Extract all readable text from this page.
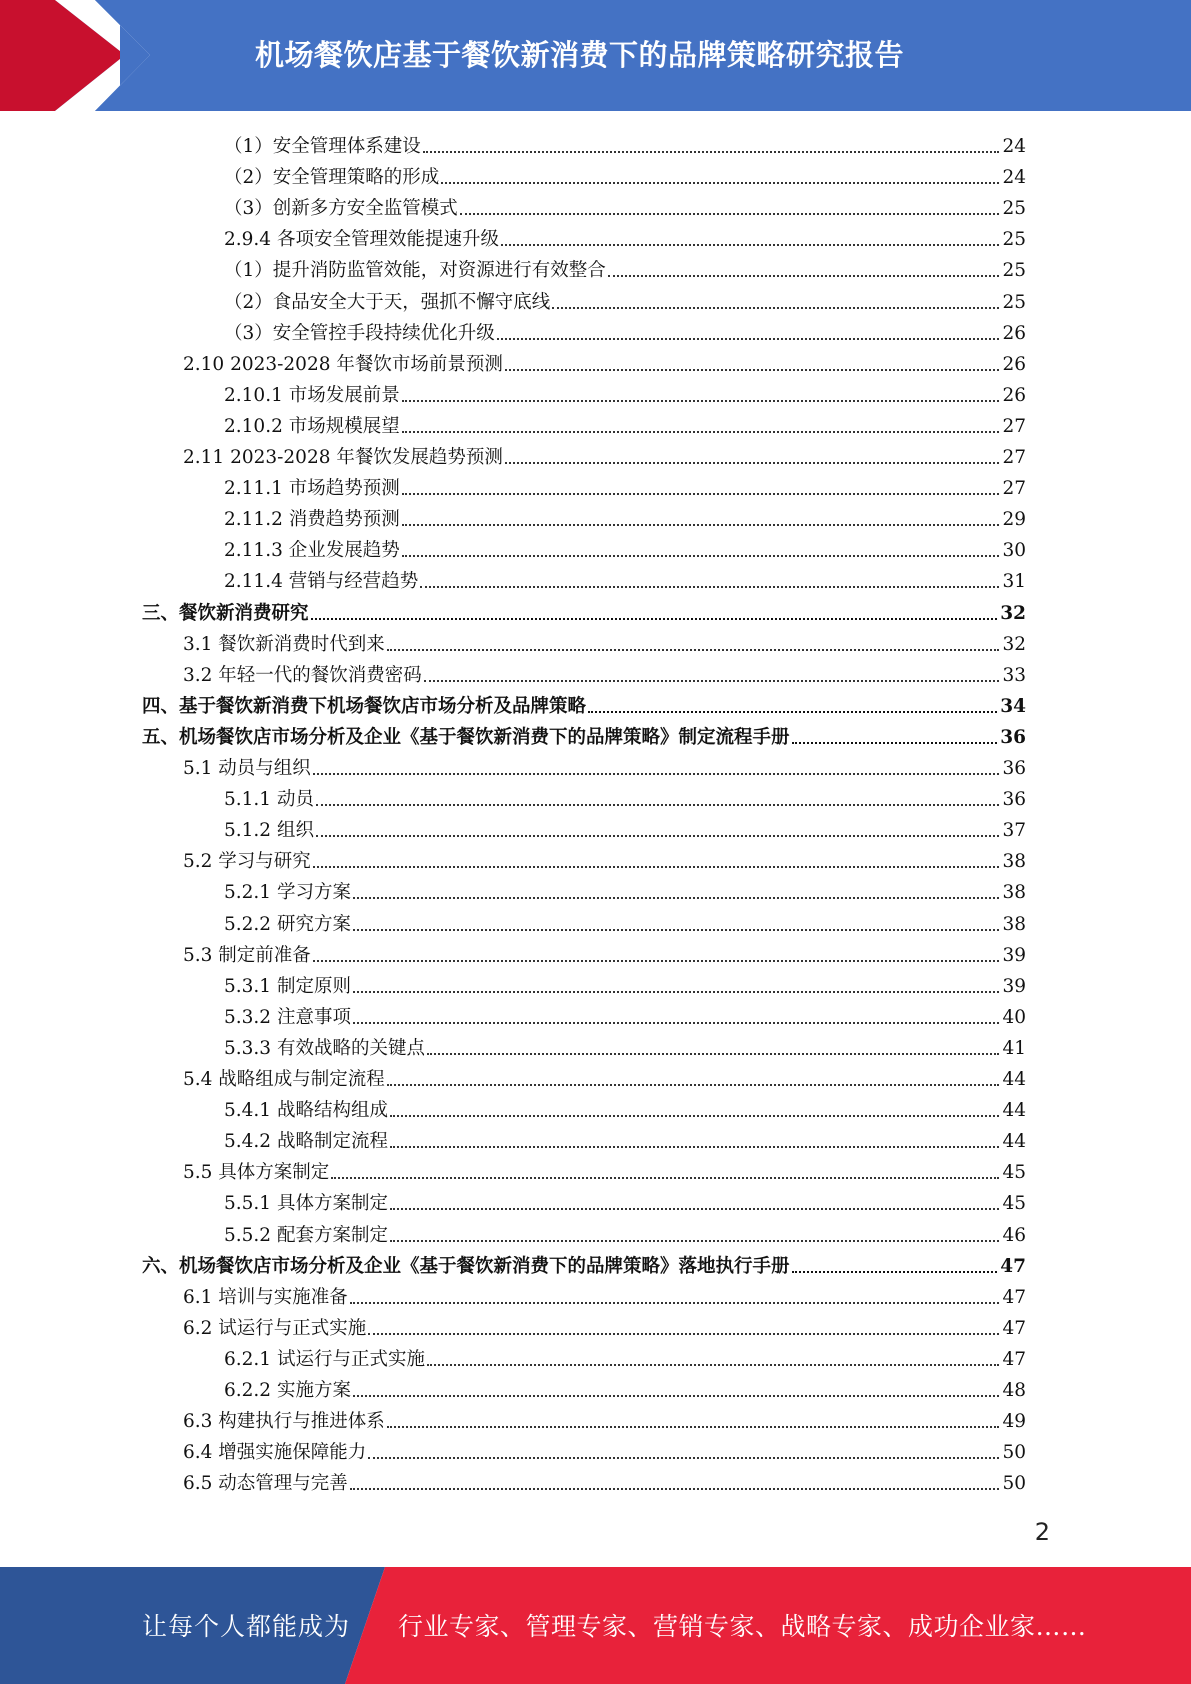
机场餐饮店基于餐饮新消费下的品牌策略研究报告
（1）安全管理体系建设	24
（2）安全管理策略的形成	24
（3）创新多方安全监管模式	25
2.9.4 各项安全管理效能提速升级	25
（1）提升消防监管效能，对资源进行有效整合	25
（2）食品安全大于天，强抓不懈守底线	25
（3）安全管控手段持续优化升级	26
2.10 2023-2028 年餐饮市场前景预测	26
2.10.1 市场发展前景	26
2.10.2 市场规模展望	27
2.11 2023-2028 年餐饮发展趋势预测	27
2.11.1 市场趋势预测	27
2.11.2 消费趋势预测	29
2.11.3 企业发展趋势	30
2.11.4 营销与经营趋势	31
三、餐饮新消费研究	32
3.1 餐饮新消费时代到来	32
3.2 年轻一代的餐饮消费密码	33
四、基于餐饮新消费下机场餐饮店市场分析及品牌策略	34
五、机场餐饮店市场分析及企业《基于餐饮新消费下的品牌策略》制定流程手册	36
5.1 动员与组织	36
5.1.1 动员	36
5.1.2 组织	37
5.2 学习与研究	38
5.2.1 学习方案	38
5.2.2 研究方案	38
5.3 制定前准备	39
5.3.1 制定原则	39
5.3.2 注意事项	40
5.3.3 有效战略的关键点	41
5.4 战略组成与制定流程	44
5.4.1 战略结构组成	44
5.4.2 战略制定流程	44
5.5 具体方案制定	45
5.5.1 具体方案制定	45
5.5.2 配套方案制定	46
六、机场餐饮店市场分析及企业《基于餐饮新消费下的品牌策略》落地执行手册	47
6.1 培训与实施准备	47
6.2 试运行与正式实施	47
6.2.1 试运行与正式实施	47
6.2.2 实施方案	48
6.3 构建执行与推进体系	49
6.4 增强实施保障能力	50
6.5 动态管理与完善	50
2
让每个人都能成为 行业专家、管理专家、营销专家、战略专家、成功企业家……
